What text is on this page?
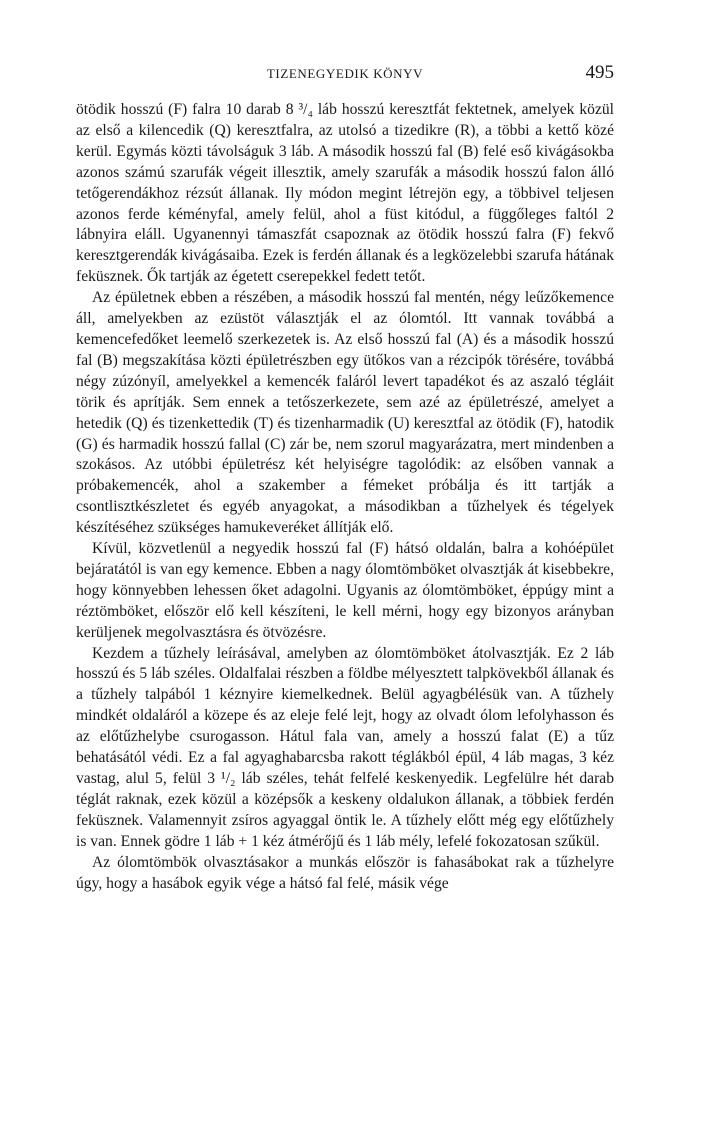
TIZENEGYEDIK KÖNYV	495

ötödik hosszú (F) falra 10 darab 8 ³/₄ láb hosszú keresztfát fektetnek, amelyek közül az első a kilencedik (Q) keresztfalra, az utolsó a tizedikre (R), a többi a kettő közé kerül. Egymás közti távolságuk 3 láb. A második hosszú fal (B) felé eső kivágásokba azonos számú szarufák végeit illesztik, amely szarufák a második hosszú falon álló tetőgerendákhoz rézsút állanak. Ily módon megint létrejön egy, a többivel teljesen azonos ferde kéményfal, amely felül, ahol a füst kitódul, a függőleges faltól 2 lábnyira eláll. Ugyanennyi támaszfát csapoznak az ötödik hosszú falra (F) fekvő keresztgerendák kivágásaiba. Ezek is ferdén állanak és a legközelebbi szarufa hátának feküsznek. Ők tartják az égetett cserepekkel fedett tetőt.

Az épületnek ebben a részében, a második hosszú fal mentén, négy leűzőkemence áll, amelyekben az ezüstöt választják el az ólomtól. Itt vannak továbbá a kemencefedőket leemelő szerkezetek is. Az első hosszú fal (A) és a második hosszú fal (B) megszakítása közti épületrészben egy ütőkos van a rézcipók törésére, továbbá négy zúzónyíl, amelyekkel a kemencék faláról levert tapadékot és az aszaló tégláit törik és aprítják. Sem ennek a tetőszerkezete, sem azé az épületrészé, amelyet a hetedik (Q) és tizenkettedik (T) és tizenharmadik (U) keresztfal az ötödik (F), hatodik (G) és harmadik hosszú fallal (C) zár be, nem szorul magyarázatra, mert mindenben a szokásos. Az utóbbi épületrész két helyiségre tagolódik: az elsőben vannak a próbakemencék, ahol a szakember a fémeket próbálja és itt tartják a csontlisztkészletet és egyéb anyagokat, a másodikban a tűzhelyek és tégelyek készítéséhez szükséges hamukeveréket állítják elő.

Kívül, közvetlenül a negyedik hosszú fal (F) hátsó oldalán, balra a kohóépület bejáratától is van egy kemence. Ebben a nagy ólomtömböket olvasztják át kisebbekre, hogy könnyebben lehessen őket adagolni. Ugyanis az ólomtömböket, éppúgy mint a réztömböket, először elő kell készíteni, le kell mérni, hogy egy bizonyos arányban kerüljenek megolvasztásra és ötvözésre.

Kezdem a tűzhely leírásával, amelyben az ólomtömböket átolvasztják. Ez 2 láb hosszú és 5 láb széles. Oldalfalai részben a földbe mélyesztett talpkövekből állanak és a tűzhely talpából 1 kéznyire kiemelkednek. Belül agyagbélésük van. A tűzhely mindkét oldaláról a közepe és az eleje felé lejt, hogy az olvadt ólom lefolyhasson és az előtűzhelybe csurogasson. Hátul fala van, amely a hosszú falat (E) a tűz behatásától védi. Ez a fal agyaghabarcsba rakott téglákból épül, 4 láb magas, 3 kéz vastag, alul 5, felül 3 ¹/₂ láb széles, tehát felfelé keskenyedik. Legfelülre hét darab téglát raknak, ezek közül a középsők a keskeny oldalukon állanak, a többiek ferdén feküsznek. Valamennyit zsíros agyaggal öntik le. A tűzhely előtt még egy előtűzhely is van. Ennek gödre 1 láb + 1 kéz átmérőjű és 1 láb mély, lefelé fokozatosan szűkül.

Az ólomtömbök olvasztásakor a munkás először is fahasábokat rak a tűzhelyre úgy, hogy a hasábok egyik vége a hátsó fal felé, másik vége
